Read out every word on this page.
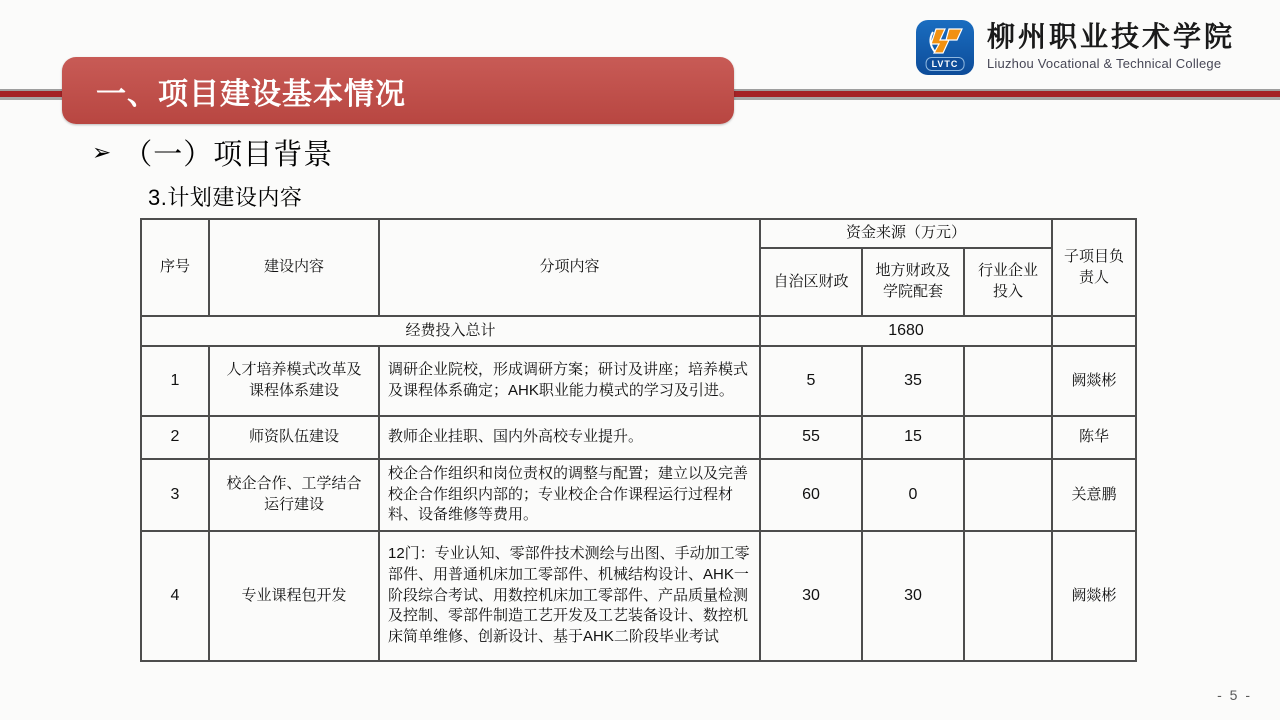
一、项目建设基本情况
LVTC
柳州职业技术学院
Liuzhou Vocational & Technical College
➢ （一）项目背景
3.计划建设内容
序号	建设内容	分项内容	资金来源（万元）			子项目负责人
			自治区财政	地方财政及学院配套	行业企业投入	
经费投入总计			1680			
1	人才培养模式改革及课程体系建设	调研企业院校，形成调研方案；研讨及讲座；培养模式及课程体系确定；AHK职业能力模式的学习及引进。	5	35		阙燚彬
2	师资队伍建设	教师企业挂职、国内外高校专业提升。	55	15		陈华
3	校企合作、工学结合运行建设	校企合作组织和岗位责权的调整与配置；建立以及完善校企合作组织内部的；专业校企合作课程运行过程材料、设备维修等费用。	60	0		关意鹏
4	专业课程包开发	12门：专业认知、零部件技术测绘与出图、手动加工零部件、用普通机床加工零部件、机械结构设计、AHK一阶段综合考试、用数控机床加工零部件、产品质量检测及控制、零部件制造工艺开发及工艺装备设计、数控机床简单维修、创新设计、基于AHK二阶段毕业考试	30	30		阙燚彬
- 5 -
